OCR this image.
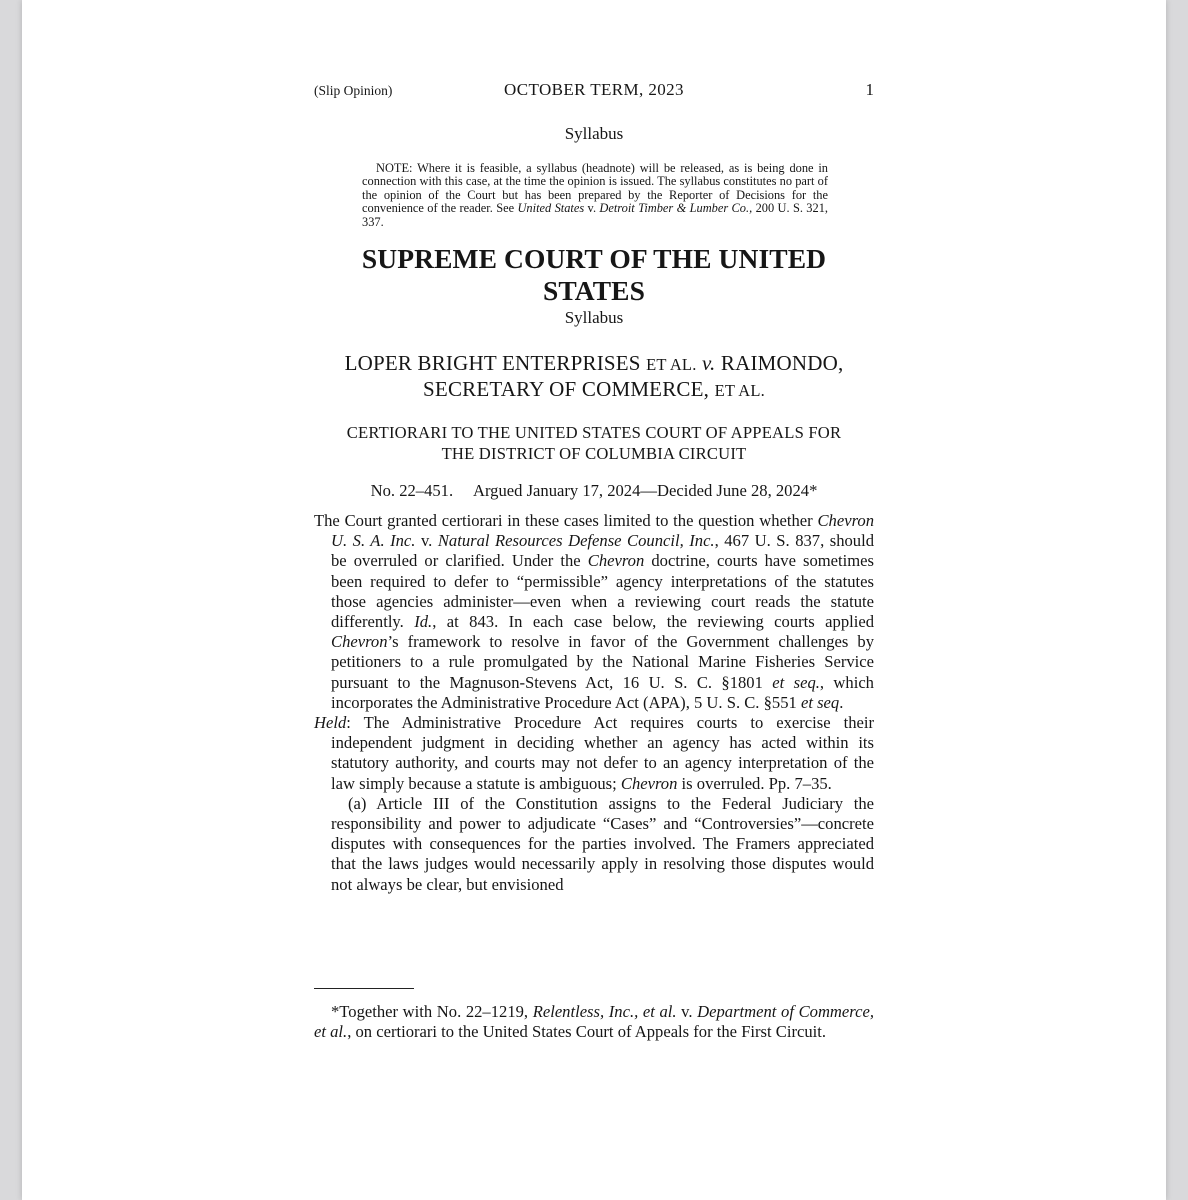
(Slip Opinion)	OCTOBER TERM, 2023	1
Syllabus

NOTE: Where it is feasible, a syllabus (headnote) will be released, as is being done in connection with this case, at the time the opinion is issued. The syllabus constitutes no part of the opinion of the Court but has been prepared by the Reporter of Decisions for the convenience of the reader. See United States v. Detroit Timber & Lumber Co., 200 U. S. 321, 337.

SUPREME COURT OF THE UNITED STATES
Syllabus
LOPER BRIGHT ENTERPRISES ET AL. v. RAIMONDO,
SECRETARY OF COMMERCE, ET AL.
CERTIORARI TO THE UNITED STATES COURT OF APPEALS FOR
THE DISTRICT OF COLUMBIA CIRCUIT
No. 22–451.     Argued January 17, 2024—Decided June 28, 2024*

The Court granted certiorari in these cases limited to the question whether Chevron U. S. A. Inc. v. Natural Resources Defense Council, Inc., 467 U. S. 837, should be overruled or clarified. Under the Chevron doctrine, courts have sometimes been required to defer to “permissible” agency interpretations of the statutes those agencies administer—even when a reviewing court reads the statute differently. Id., at 843. In each case below, the reviewing courts applied Chevron’s framework to resolve in favor of the Government challenges by petitioners to a rule promulgated by the National Marine Fisheries Service pursuant to the Magnuson-Stevens Act, 16 U. S. C. §1801 et seq., which incorporates the Administrative Procedure Act (APA), 5 U. S. C. §551 et seq.

Held: The Administrative Procedure Act requires courts to exercise their independent judgment in deciding whether an agency has acted within its statutory authority, and courts may not defer to an agency interpretation of the law simply because a statute is ambiguous; Chevron is overruled. Pp. 7–35.

(a) Article III of the Constitution assigns to the Federal Judiciary the responsibility and power to adjudicate “Cases” and “Controversies”—concrete disputes with consequences for the parties involved. The Framers appreciated that the laws judges would necessarily apply in resolving those disputes would not always be clear, but envisioned

*Together with No. 22–1219, Relentless, Inc., et al. v. Department of Commerce, et al., on certiorari to the United States Court of Appeals for the First Circuit.
